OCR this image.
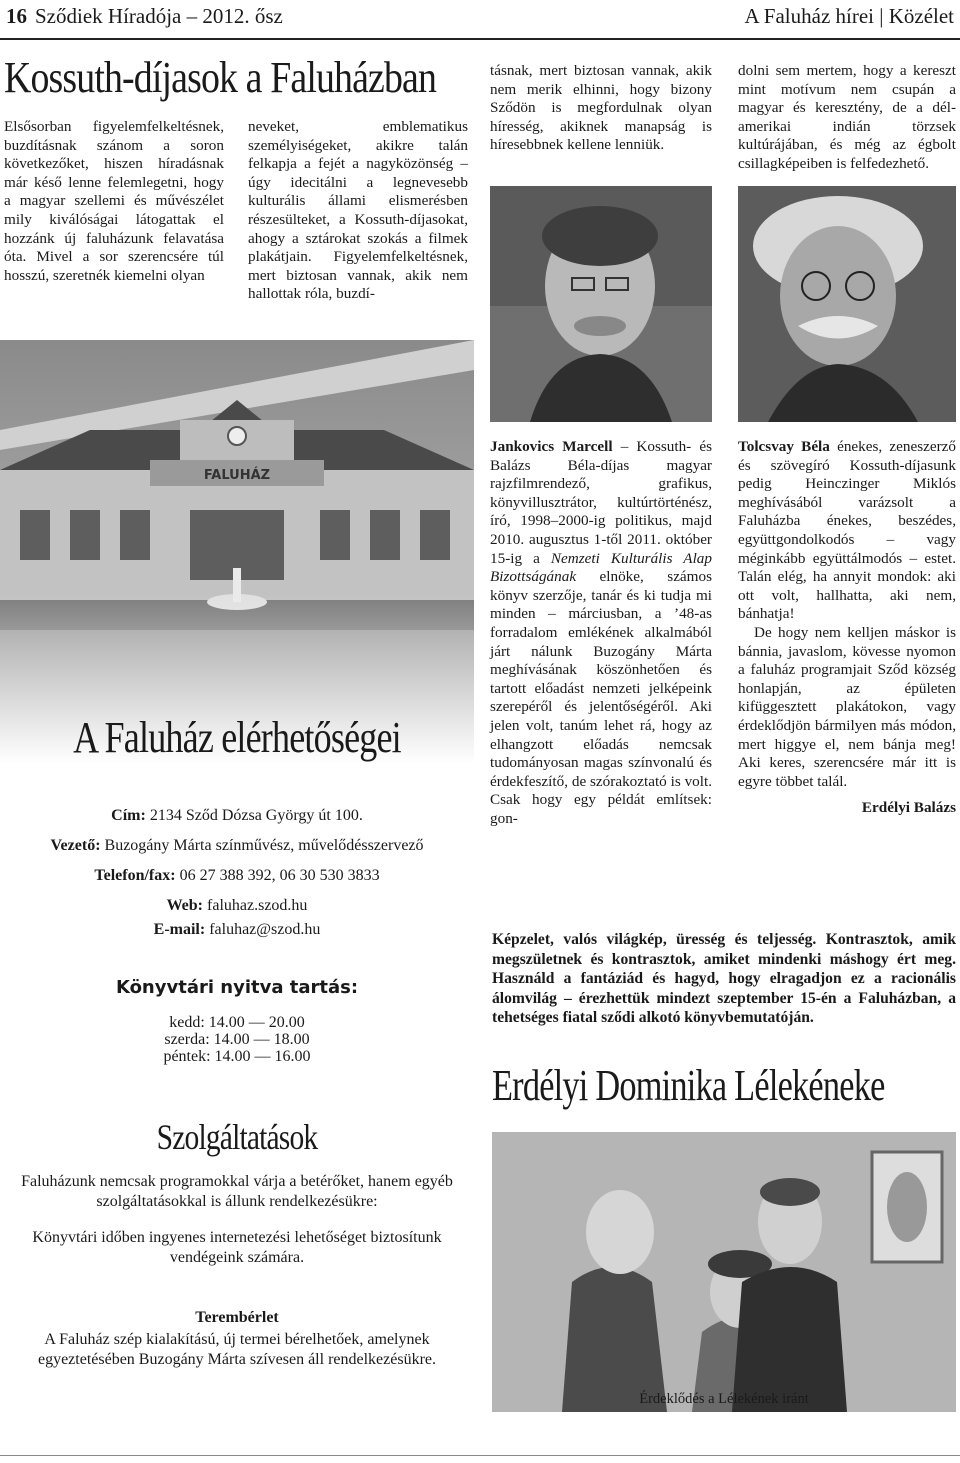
16 Sződiek Híradója – 2012. ősz	A Faluház hírei | Közélet
Kossuth-díjasok a Faluházban

Elsősorban figyelemfelkeltésnek, buzdításnak szánom a soron következőket, hiszen híradásnak már késő lenne felemlegetni, hogy a magyar szellemi és művészélet mily kiválóságai látogattak el hozzánk új faluházunk felavatása óta. Mivel a sor szerencsére túl hosszú, szeretnék kiemelni olyan

neveket, emblematikus személyiségeket, akikre talán felkapja a fejét a nagyközönség – úgy idecitálni a legnevesebb kulturális állami elismerésben részesülteket, a Kossuth-díjasokat, ahogy a sztárokat szokás a filmek plakátjain. Figyelemfelkeltésnek, mert biztosan vannak, akik nem hallottak róla, buzdí-

tásnak, mert biztosan vannak, akik nem merik elhinni, hogy bizony Sződön is megfordulnak olyan híresség, akiknek manapság is híresebbnek kellene lenniük.

dolni sem mertem, hogy a kereszt mint motívum nem csupán a magyar és keresztény, de a dél-amerikai indián törzsek kultúrájában, és még az égbolt csillagképeiben is felfedezhető.

Jankovics Marcell – Kossuth- és Balázs Béla-díjas magyar rajzfilmrendező, grafikus, könyvillusztrátor, kultúrtörténész, író, 1998–2000-ig politikus, majd 2010. augusztus 1-től 2011. október 15-ig a Nemzeti Kulturális Alap Bizottságának elnöke, számos könyv szerzője, tanár és ki tudja mi minden – márciusban, a ’48-as forradalom emlékének alkalmából járt nálunk Buzogány Márta meghívásának köszönhetően és tartott előadást nemzeti jelképeink szerepéről és jelentőségéről. Aki jelen volt, tanúm lehet rá, hogy az elhangzott előadás nemcsak tudományosan magas színvonalú és érdekfeszítő, de szórakoztató is volt. Csak hogy egy példát említsek: gon-

Tolcsvay Béla énekes, zeneszerző és szövegíró Kossuth-díjasunk pedig Heinczinger Miklós meghívásából varázsolt a Faluházba énekes, beszédes, együttgondolkodós – vagy méginkább együttálmodós – estet. Talán elég, ha annyit mondok: aki ott volt, hallhatta, aki nem, bánhatja!

De hogy nem kelljen máskor is bánnia, javaslom, kövesse nyomon a faluház programjait Sződ község honlapján, az épületen kifüggesztett plakátokon, vagy érdeklődjön bármilyen más módon, mert higgye el, nem bánja meg! Aki keres, szerencsére már itt is egyre többet talál.

Erdélyi Balázs

A Faluház elérhetőségei
Cím: 2134 Sződ Dózsa György út 100.
Vezető: Buzogány Márta színművész, művelődésszervező
Telefon/fax: 06 27 388 392, 06 30 530 3833
Web: faluhaz.szod.hu
E-mail: faluhaz@szod.hu
Könyvtári nyitva tartás:
kedd: 14.00 — 20.00
szerda: 14.00 — 18.00
péntek: 14.00 — 16.00
Szolgáltatások
Faluházunk nemcsak programokkal várja a betérőket, hanem egyéb szolgáltatásokkal is állunk rendelkezésükre:
Könyvtári időben ingyenes internetezési lehetőséget biztosítunk vendégeink számára.
Terembérlet
A Faluház szép kialakítású, új termei bérelhetőek, amelynek egyeztetésében Buzogány Márta szívesen áll rendelkezésükre.
Képzelet, valós világkép, üresség és teljesség. Kontrasztok, amik megszületnek és kontrasztok, amiket mindenki máshogy ért meg. Használd a fantáziád és hagyd, hogy elragadjon ez a racionális álomvilág – érezhettük mindezt szeptember 15-én a Faluházban, a tehetséges fiatal sződi alkotó könyvbemutatóján.
Erdélyi Dominika Lélekéneke
Érdeklődés a Lélekének iránt
